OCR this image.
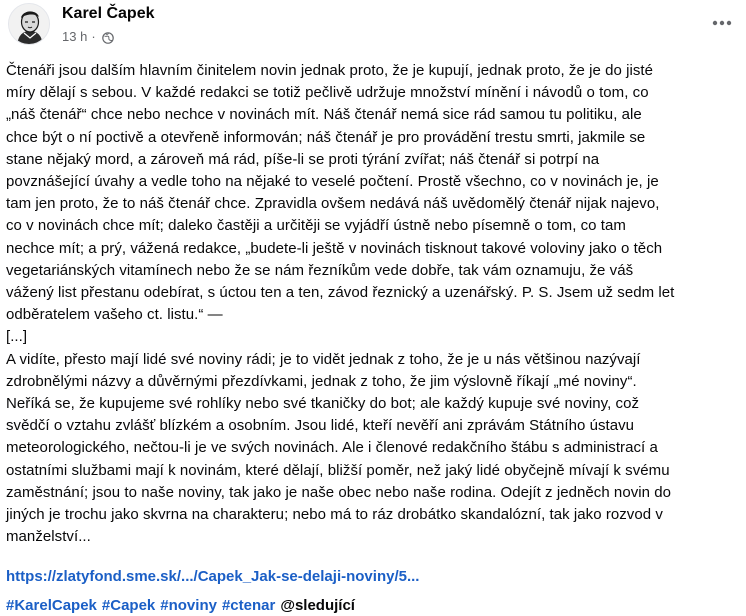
Karel Čapek
13 h ·

Čtenáři jsou dalším hlavním činitelem novin jednak proto, že je kupují, jednak proto, že je do jisté
míry dělají s sebou. V každé redakci se totiž pečlivě udržuje množství mínění i návodů o tom, co
„náš čtenář“ chce nebo nechce v novinách mít. Náš čtenář nemá sice rád samou tu politiku, ale
chce být o ní poctivě a otevřeně informován; náš čtenář je pro provádění trestu smrti, jakmile se
stane nějaký mord, a zároveň má rád, píše-li se proti týrání zvířat; náš čtenář si potrpí na
povznášející úvahy a vedle toho na nějaké to veselé počtení. Prostě všechno, co v novinách je, je
tam jen proto, že to náš čtenář chce. Zpravidla ovšem nedává náš uvědomělý čtenář nijak najevo,
co v novinách chce mít; daleko častěji a určitěji se vyjádří ústně nebo písemně o tom, co tam
nechce mít; a prý, vážená redakce, „budete-li ještě v novinách tisknout takové voloviny jako o těch
vegetariánských vitamínech nebo že se nám řezníkům vede dobře, tak vám oznamuju, že váš
vážený list přestanu odebírat, s úctou ten a ten, závod řeznický a uzenářský. P. S. Jsem už sedm let
odběratelem vašeho ct. listu.“ —

[...]

A vidíte, přesto mají lidé své noviny rádi; je to vidět jednak z toho, že je u nás většinou nazývají
zdrobnělými názvy a důvěrnými přezdívkami, jednak z toho, že jim výslovně říkají „mé noviny“.
Neříká se, že kupujeme své rohlíky nebo své tkaničky do bot; ale každý kupuje své noviny, což
svědčí o vztahu zvlášť blízkém a osobním. Jsou lidé, kteří nevěří ani zprávám Státního ústavu
meteorologického, nečtou-li je ve svých novinách. Ale i členové redakčního štábu s administrací a
ostatními službami mají k novinám, které dělají, bližší poměr, než jaký lidé obyčejně mívají k svému
zaměstnání; jsou to naše noviny, tak jako je naše obec nebo naše rodina. Odejít z jedněch novin do
jiných je trochu jako skvrna na charakteru; nebo má to ráz drobátko skandalózní, tak jako rozvod v
manželství...

https://zlatyfond.sme.sk/.../Capek_Jak-se-delaji-noviny/5...
#KarelCapek #Capek #noviny #ctenar @sledující
